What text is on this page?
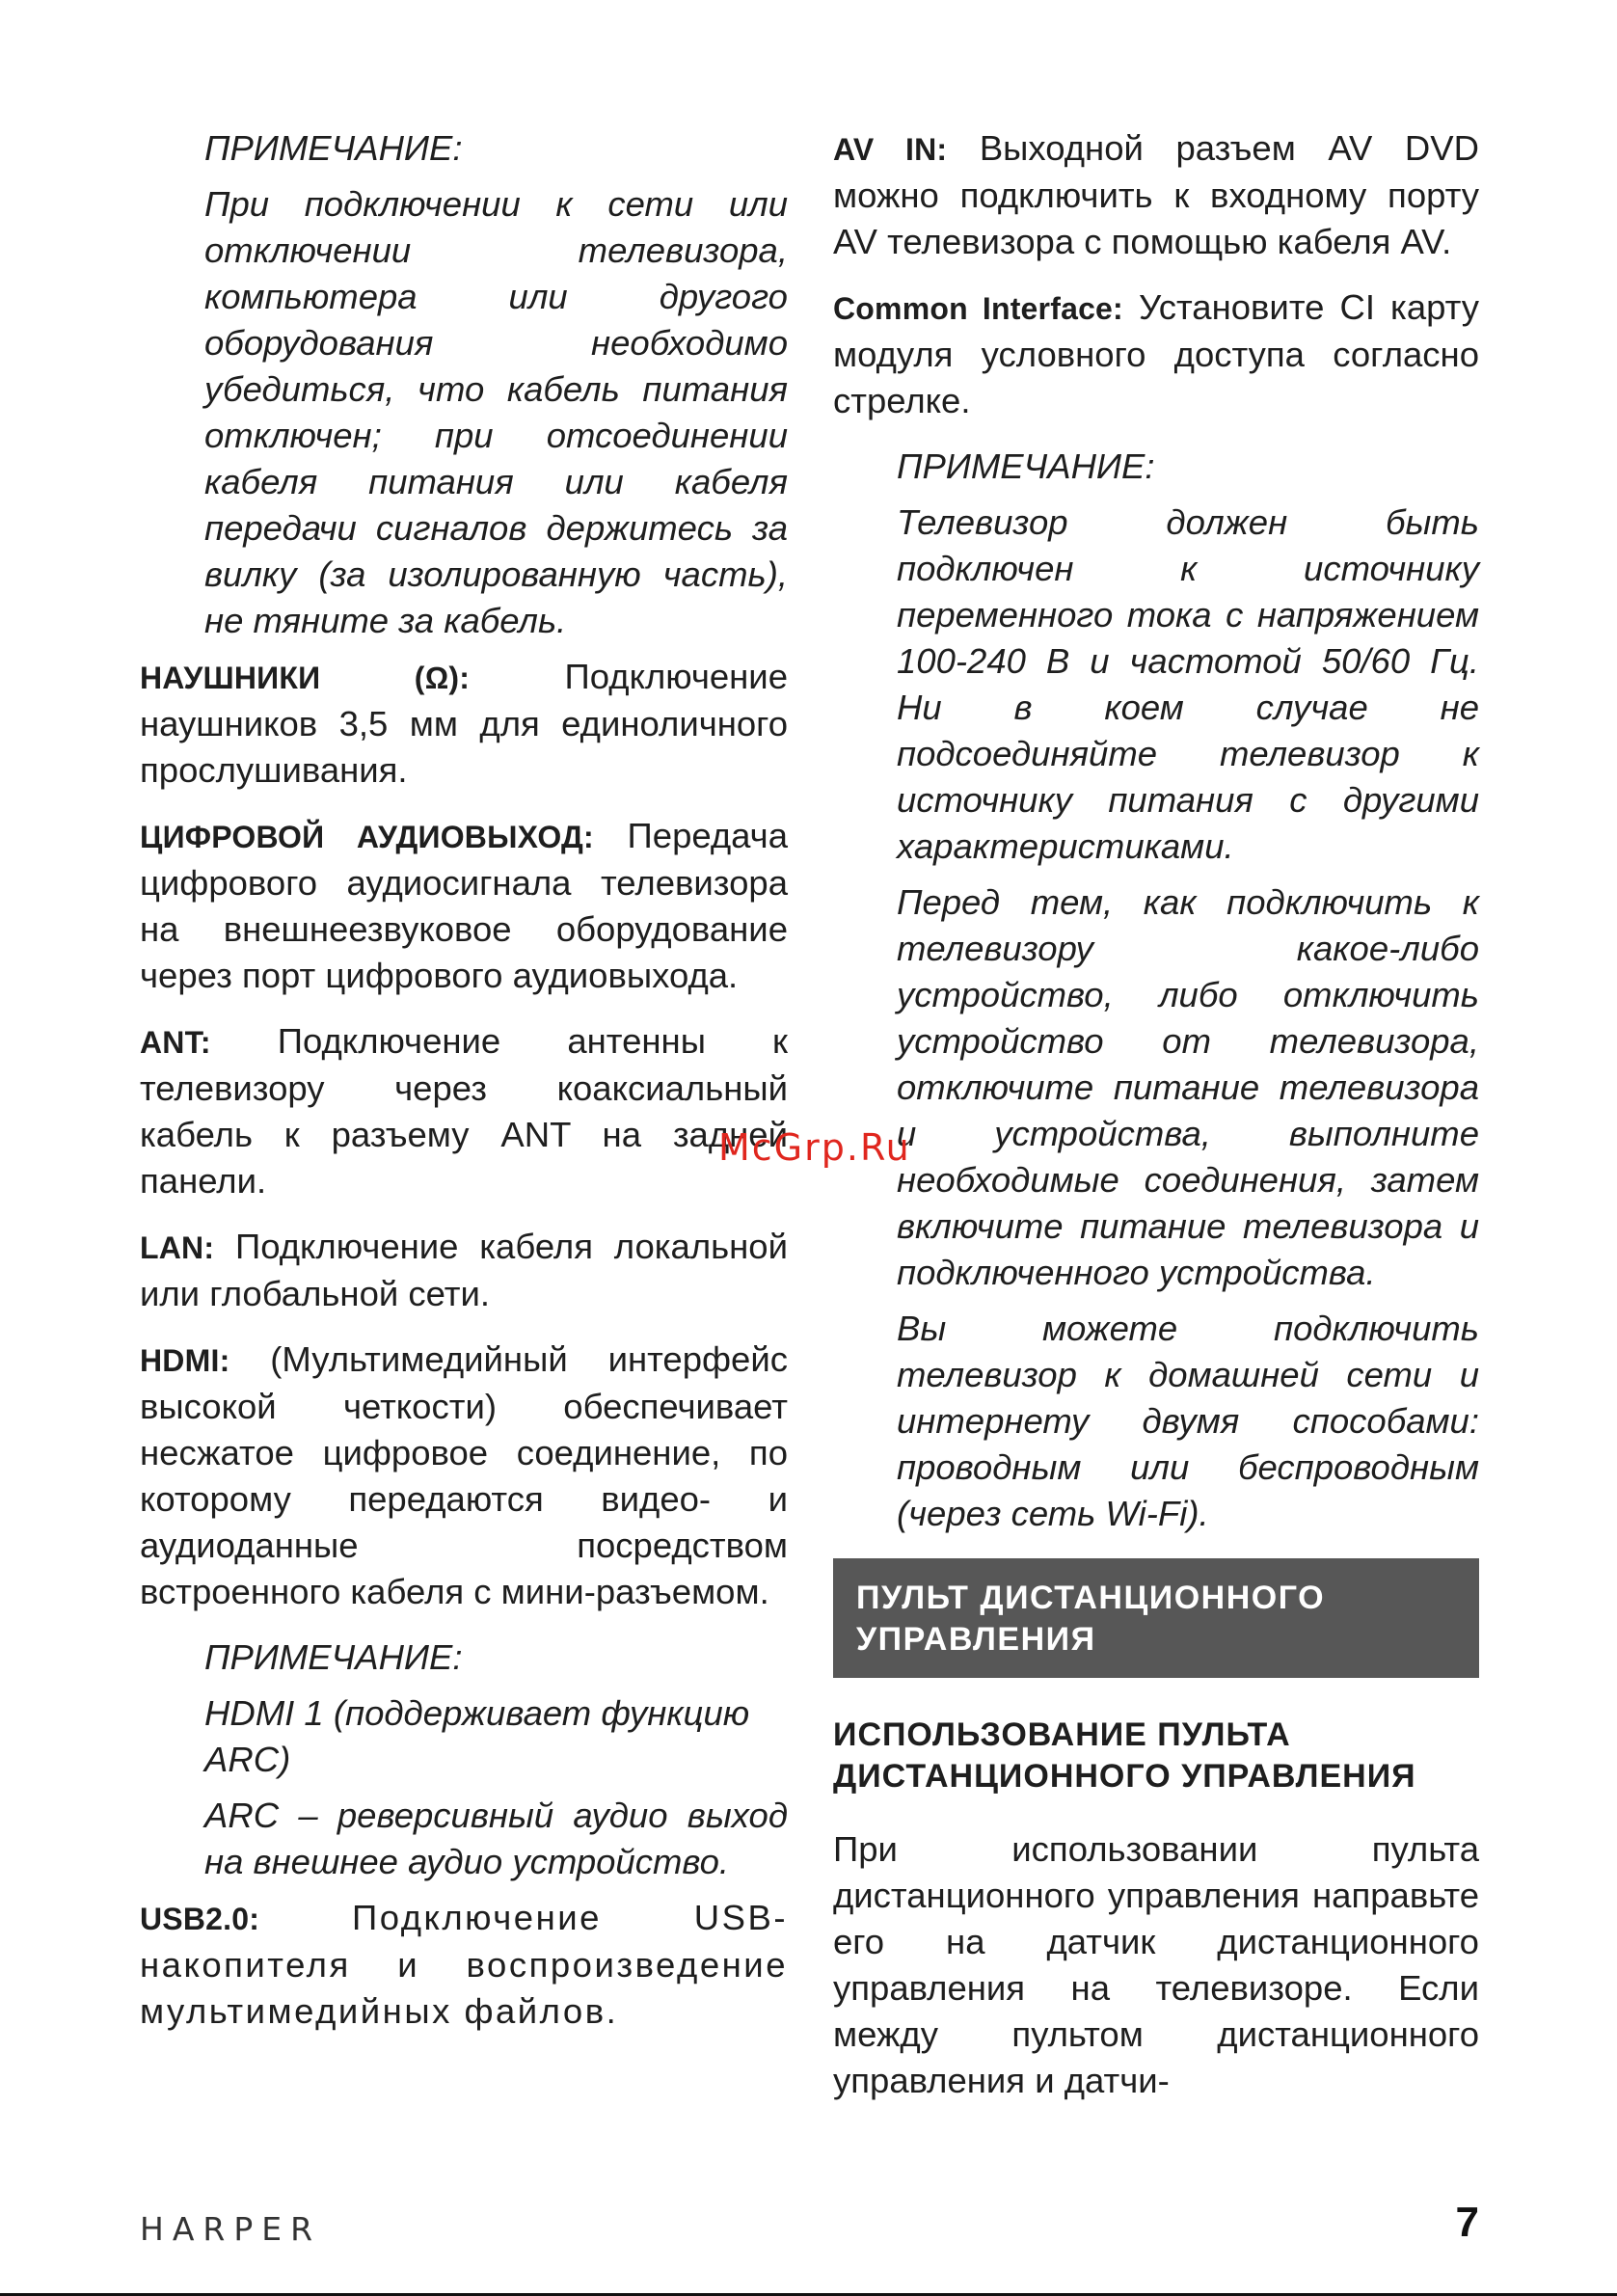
ПРИМЕЧАНИЕ:

При подключении к сети или отключении телевизора, компьютера или другого оборудования необходимо убедиться, что кабель питания отключен; при отсоединении кабеля питания или кабеля передачи сигналов держитесь за вилку (за изолированную часть), не тяните за кабель.

НАУШНИКИ (Ω): Подключение наушников 3,5 мм для единоличного прослушивания.

ЦИФРОВОЙ АУДИОВЫХОД: Передача цифрового аудиосигнала телевизора на внешнеезвуковое оборудование через порт цифрового аудиовыхода.

ANT: Подключение антенны к телевизору через коаксиальный кабель к разъему ANT на задней панели.

LAN: Подключение кабеля локальной или глобальной сети.

HDMI: (Мультимедийный интерфейс высокой четкости) обеспечивает несжатое цифровое соединение, по которому передаются видео- и аудиоданные посредством встроенного кабеля с мини-разъемом.

ПРИМЕЧАНИЕ:

HDMI 1 (поддерживает функцию ARC)

ARC – реверсивный аудио выход на внешнее аудио устройство.

USB2.0: Подключение USB-накопителя и воспроизведение мультимедийных файлов.

AV IN: Выходной разъем AV DVD можно подключить к входному порту AV телевизора с помощью кабеля AV.

Common Interface: Установите CI карту модуля условного доступа согласно стрелке.

ПРИМЕЧАНИЕ:

Телевизор должен быть подключен к источнику переменного тока с напряжением 100-240 В и частотой 50/60 Гц. Ни в коем случае не подсоединяйте телевизор к источнику питания с другими характеристиками.

Перед тем, как подключить к телевизору какое-либо устройство, либо отключить устройство от телевизора, отключите питание телевизора и устройства, выполните необходимые соединения, затем включите питание телевизора и подключенного устройства.

Вы можете подключить телевизор к домашней сети и интернету двумя способами: проводным или беспроводным (через сеть Wi-Fi).

ПУЛЬТ ДИСТАНЦИОННОГО УПРАВЛЕНИЯ
ИСПОЛЬЗОВАНИЕ ПУЛЬТА ДИСТАНЦИОННОГО УПРАВЛЕНИЯ

При использовании пульта дистанционного управления направьте его на датчик дистанционного управления на телевизоре. Если между пультом дистанционного управления и датчи-

McGrp.Ru
HARPER	7
